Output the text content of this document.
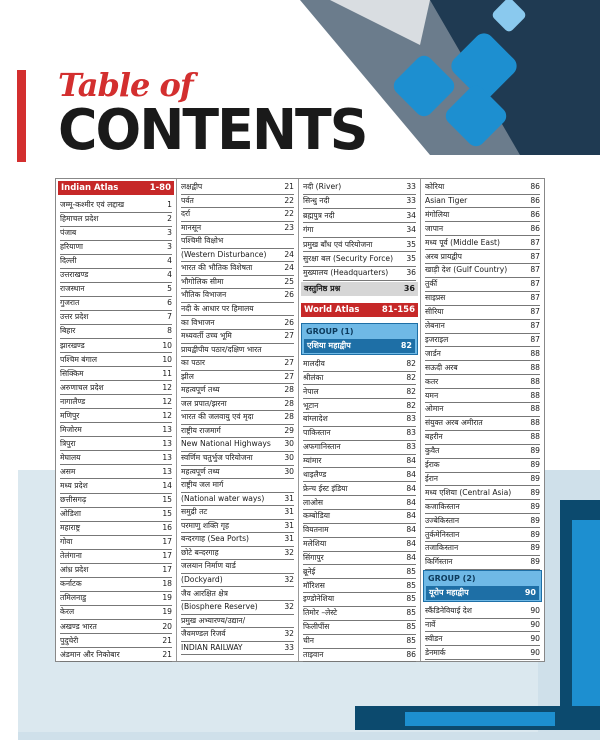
Table of
CONTENTS
Indian Atlas	1-80
जम्मू-कश्मीर एवं लद्दाख	1
हिमाचल प्रदेश	2
पंजाब	3
हरियाणा	3
दिल्ली	4
उत्तराखण्ड	4
राजस्थान	5
गुजरात	6
उत्तर प्रदेश	7
बिहार	8
झारखण्ड	10
पश्चिम बंगाल	10
सिक्किम	11
अरुणाचल प्रदेश	12
नागालैण्ड	12
मणिपुर	12
मिजोरम	13
त्रिपुरा	13
मेघालय	13
असम	13
मध्य प्रदेश	14
छत्तीसगढ़	15
ओडिशा	15
महाराष्ट्र	16
गोवा	17
तेलंगाना	17
आंध्र प्रदेश	17
कर्नाटक	18
तमिलनाडु	19
केरल	19
अखण्ड भारत	20
पुदुचेरी	21
अंडमान और निकोबार	21
लक्षद्वीप	21
पर्वत	22
दर्रा	22
मानसून	23
पश्चिमी विक्षोभ
(Western Disturbance)	24
भारत की भौतिक विशेषता	24
भौगोलिक सीमा	25
भौतिक विभाजन	26
नदी के आधार पर हिमालय
का विभाजन	26
मध्यवर्ती उच्च भूमि	27
प्रायद्वीपीय पठार/दक्षिण भारत
का पठार	27
झील	27
महत्वपूर्ण तथ्य	28
जल प्रपात/झरना	28
भारत की जलवायु एवं मृदा	28
राष्ट्रीय राजमार्ग	29
New National Highways	30
स्वर्णिम चतुर्भुज परियोजना	30
महत्वपूर्ण तथ्य	30
राष्ट्रीय जल मार्ग
(National water ways)	31
समुद्री तट	31
परमाणु शक्ति गृह	31
बन्दरगाह (Sea Ports)	31
छोटे बन्दरगाह	32
जलयान निर्माण यार्ड
(Dockyard)	32
जैव आरक्षित क्षेत्र
(Biosphere Reserve)	32
प्रमुख अभ्यारण्य/उद्यान/
जैवमण्डल रिजर्व	32
INDIAN RAILWAY	33
वस्तुनिष्ठ प्रश्न	36
World Atlas	81-156
GROUP (1)
एशिया महाद्वीप	82
नदी (River)	33
सिन्धु नदी	33
ब्रह्मपुत्र नदी	34
गंगा	34
प्रमुख बाँध एवं परियोजना	35
सुरक्षा बल (Security Force)	35
मुख्यालय (Headquarters)	36
मालदीव	82
श्रीलंका	82
नेपाल	82
भूटान	82
बांग्लादेश	83
पाकिस्तान	83
अफगानिस्तान	83
म्यांमार	84
थाइलैण्ड	84
फ्रेन्च ईस्ट इंडिया	84
लाओस	84
कम्बोडिया	84
वियतनाम	84
मलेशिया	84
सिंगापुर	84
ब्रूनेई	85
मॉरिशस	85
इण्डोनेशिया	85
तिमोर –लेस्टे	85
फिलीपींस	85
चीन	85
ताइवान	86
GROUP (2)
यूरोप महाद्वीप	90
कोरिया	86
Asian Tiger	86
मंगोलिया	86
जापान	86
मध्य पूर्व (Middle East)	87
अरब प्रायद्वीप	87
खाड़ी देश (Gulf Country)	87
तुर्की	87
साइप्रस	87
सीरिया	87
लेबनान	87
इजराइल	87
जार्डन	88
सऊदी अरब	88
कतर	88
यमन	88
ओमान	88
संयुक्त अरब अमीरात	88
बहरीन	88
कुवैत	89
ईराक	89
ईरान	89
मध्य एशिया (Central Asia)	89
कजाकिस्तान	89
उज्बेकिस्तान	89
तुर्कमेनिस्तान	89
तजाकिस्तान	89
किर्गिस्तान	89
स्कैंडिनेवियाई देश	90
नार्वे	90
स्वीडन	90
डेनमार्क	90
